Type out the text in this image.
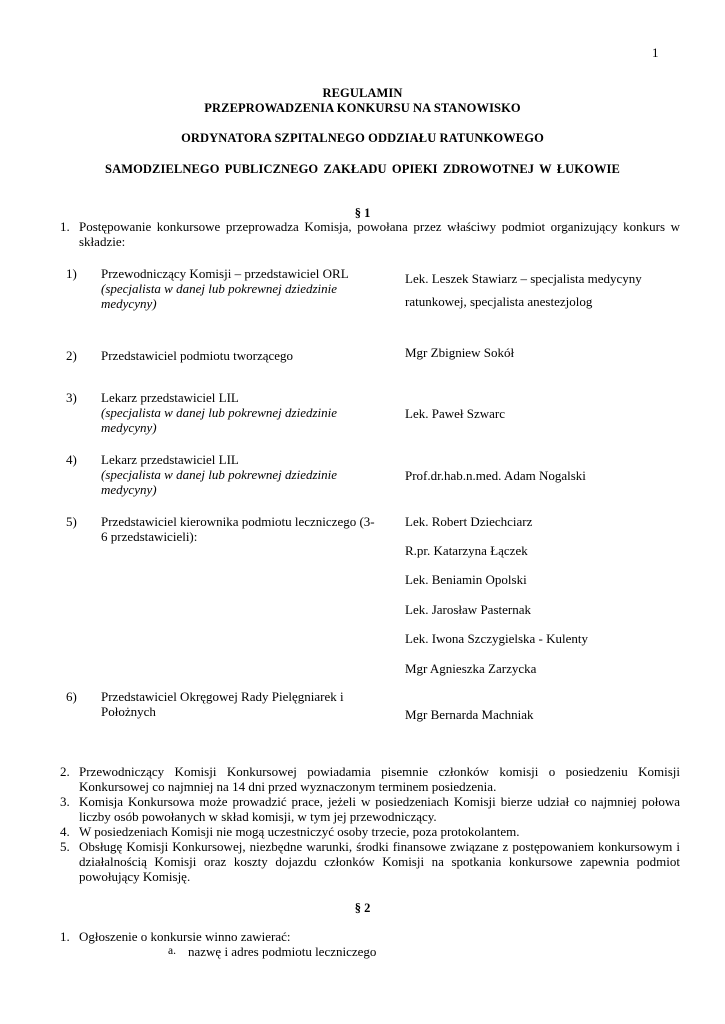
1
REGULAMIN
PRZEPROWADZENIA KONKURSU NA STANOWISKO
ORDYNATORA SZPITALNEGO ODDZIAŁU RATUNKOWEGO
SAMODZIELNEGO PUBLICZNEGO ZAKŁADU OPIEKI ZDROWOTNEJ W ŁUKOWIE
§ 1
1. Postępowanie konkursowe przeprowadza Komisja, powołana przez właściwy podmiot organizujący konkurs w składzie:
1) Przewodniczący Komisji – przedstawiciel ORL
(specjalista w danej lub pokrewnej dziedzinie medycyny)
Lek. Leszek Stawiarz – specjalista medycyny
ratunkowej, specjalista anestezjolog
2) Przedstawiciel podmiotu tworzącego	Mgr Zbigniew Sokół
3) Lekarz przedstawiciel LIL
(specjalista w danej lub pokrewnej dziedzinie medycyny)
Lek. Paweł Szwarc
4) Lekarz przedstawiciel LIL
(specjalista w danej lub pokrewnej dziedzinie medycyny)
Prof.dr.hab.n.med. Adam Nogalski
5) Przedstawiciel kierownika podmiotu leczniczego (3-6 przedstawicieli):
Lek. Robert Dziechciarz
R.pr. Katarzyna Łączek
Lek. Beniamin Opolski
Lek. Jarosław Pasternak
Lek. Iwona Szczygielska - Kulenty
Mgr Agnieszka Zarzycka
6) Przedstawiciel Okręgowej Rady Pielęgniarek i Położnych	Mgr Bernarda Machniak
2. Przewodniczący Komisji Konkursowej powiadamia pisemnie członków komisji o posiedzeniu Komisji Konkursowej co najmniej na 14 dni przed wyznaczonym terminem posiedzenia.
3. Komisja Konkursowa może prowadzić prace, jeżeli w posiedzeniach Komisji bierze udział co najmniej połowa liczby osób powołanych w skład komisji, w tym jej przewodniczący.
4. W posiedzeniach Komisji nie mogą uczestniczyć osoby trzecie, poza protokolantem.
5. Obsługę Komisji Konkursowej, niezbędne warunki, środki finansowe związane z postępowaniem konkursowym i działalnością Komisji oraz koszty dojazdu członków Komisji na spotkania konkursowe zapewnia podmiot powołujący Komisję.
§ 2
1. Ogłoszenie o konkursie winno zawierać:
a. nazwę i adres podmiotu leczniczego
